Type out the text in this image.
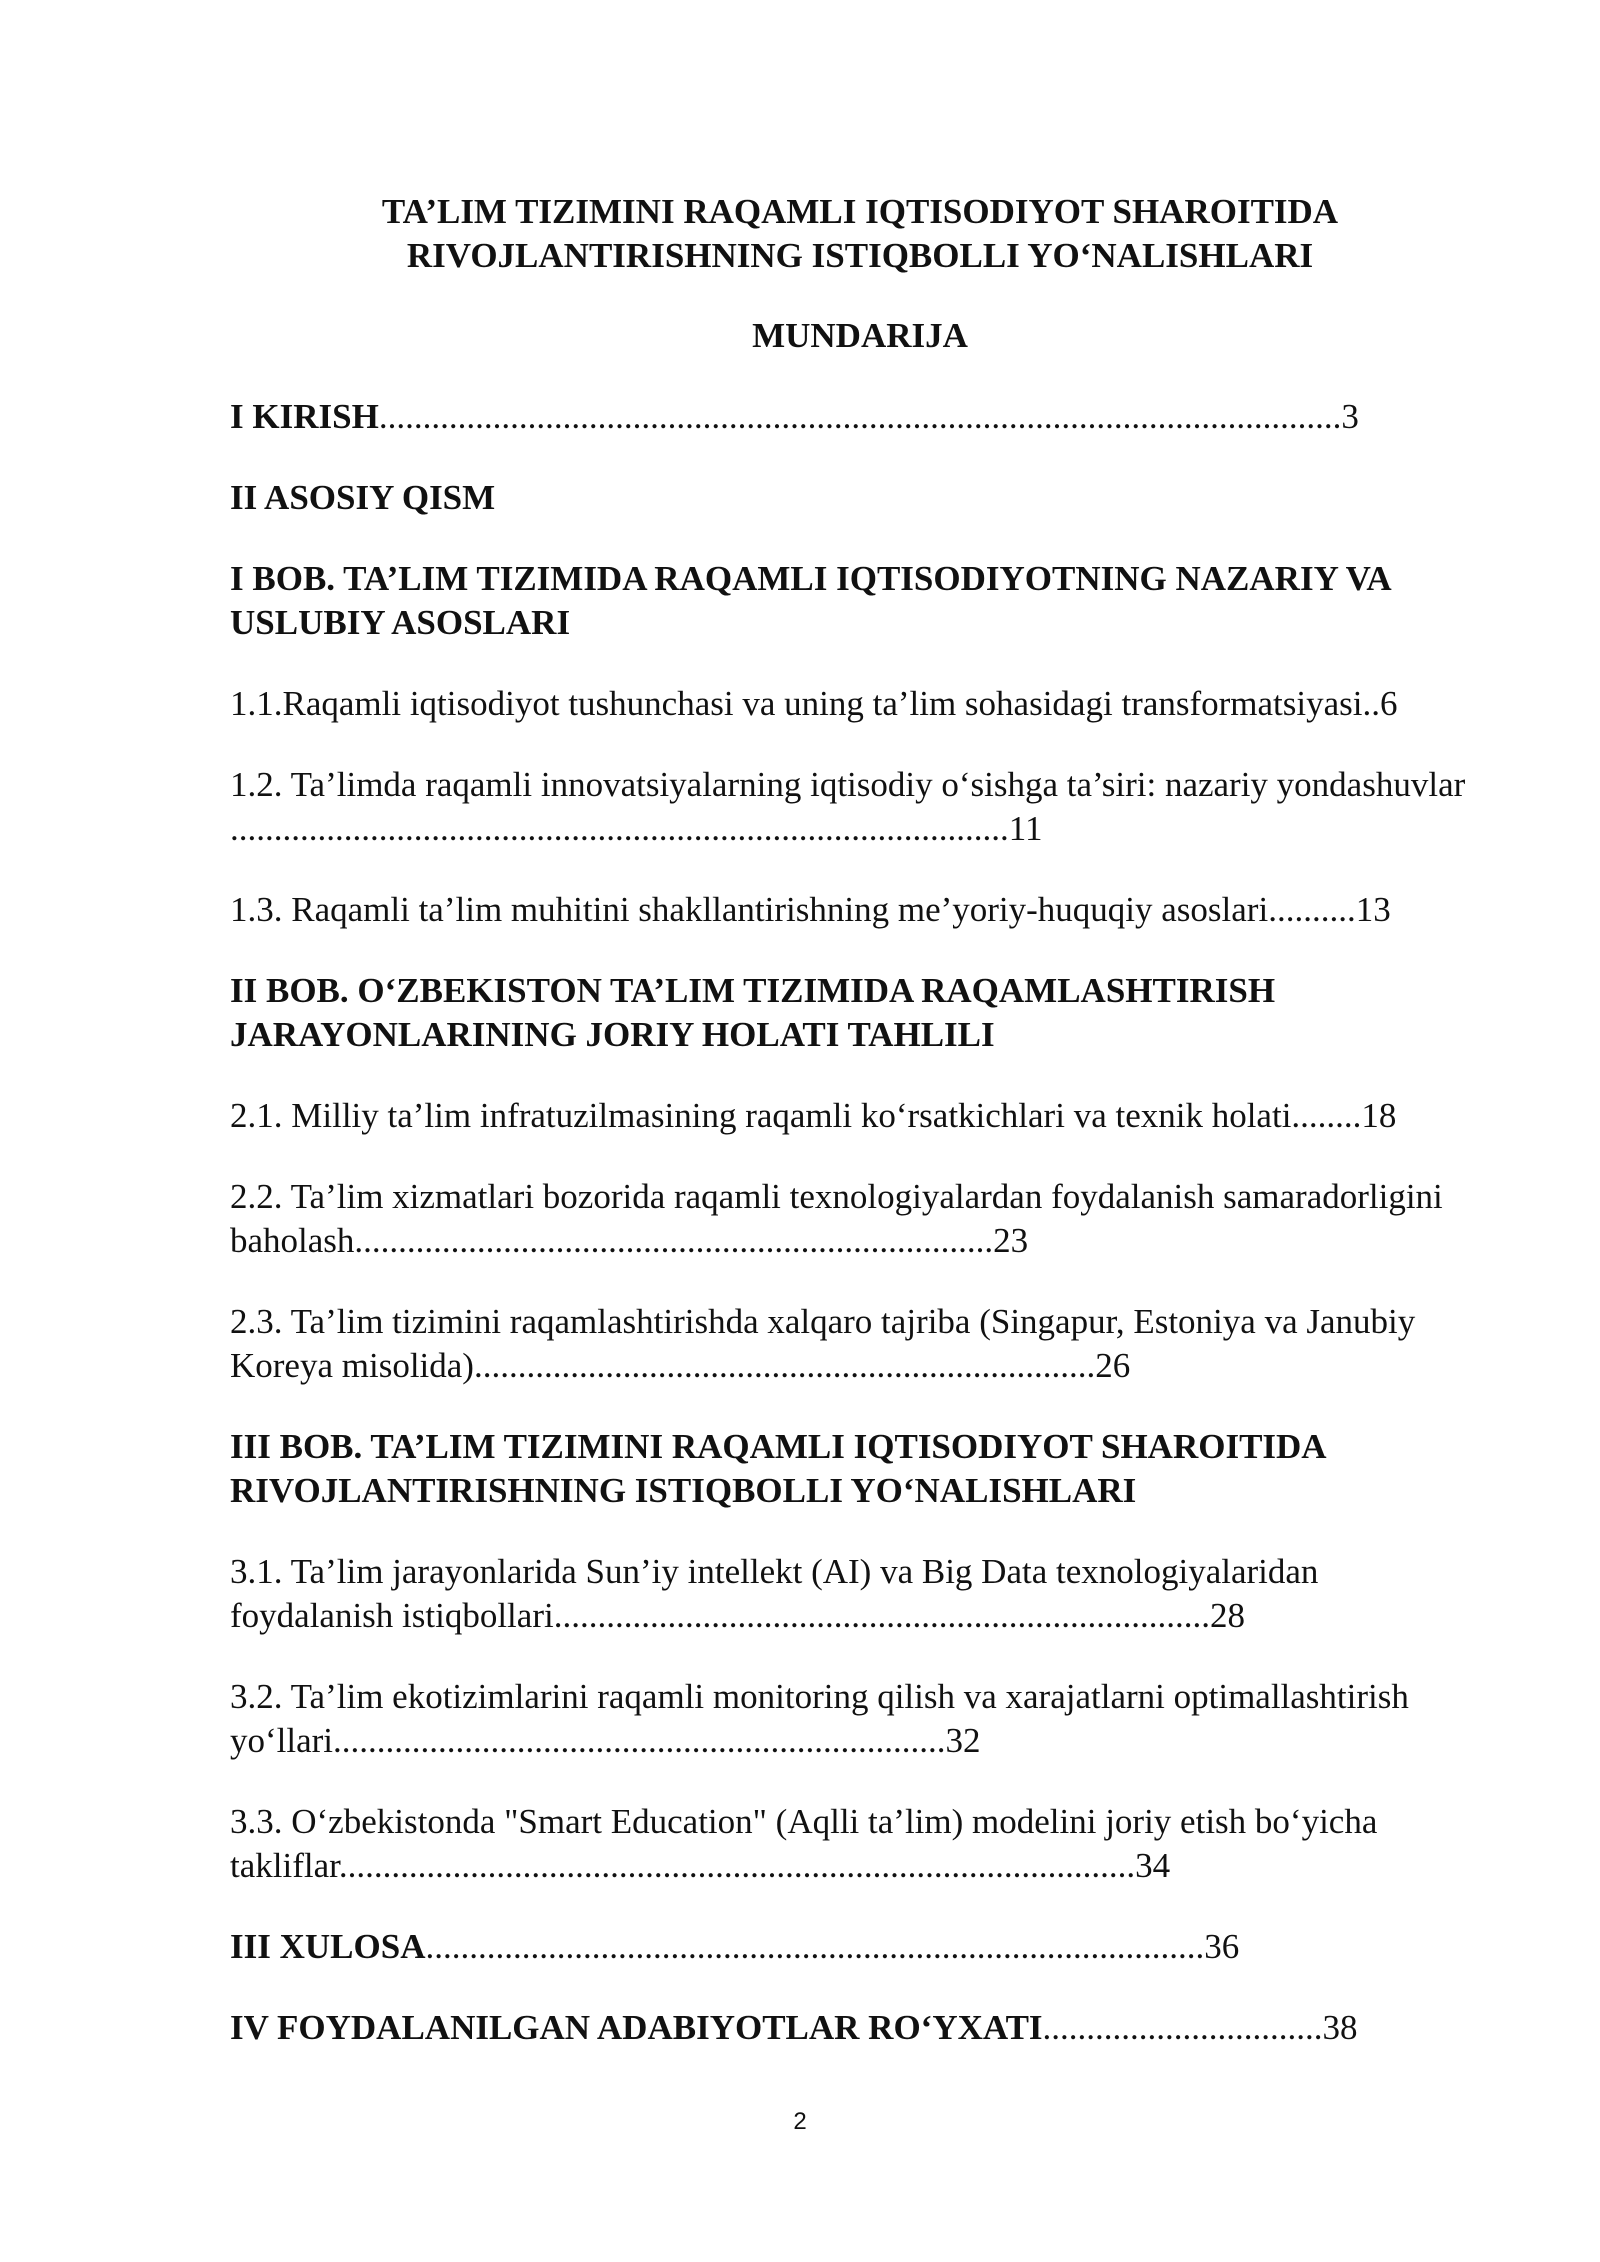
TA’LIM TIZIMINI RAQAMLI IQTISODIYOT SHAROITIDA
RIVOJLANTIRISHNING ISTIQBOLLI YO‘NALISHLARI
MUNDARIJA
I KIRISH..............................................................................................................3
II ASOSIY QISM
I BOB. TA’LIM TIZIMIDA RAQAMLI IQTISODIYOTNING NAZARIY VA USLUBIY ASOSLARI
1.1.Raqamli iqtisodiyot tushunchasi va uning ta’lim sohasidagi transformatsiyasi..6
1.2. Ta’limda raqamli innovatsiyalarning iqtisodiy o‘sishga ta’siri: nazariy yondashuvlar .........................................................................................11
1.3. Raqamli ta’lim muhitini shakllantirishning me’yoriy-huquqiy asoslari..........13
II BOB. O‘ZBEKISTON TA’LIM TIZIMIDA RAQAMLASHTIRISH JARAYONLARINING JORIY HOLATI TAHLILI
2.1. Milliy ta’lim infratuzilmasining raqamli ko‘rsatkichlari va texnik holati........18
2.2. Ta’lim xizmatlari bozorida raqamli texnologiyalardan foydalanish samaradorligini baholash.........................................................................23
2.3. Ta’lim tizimini raqamlashtirishda xalqaro tajriba (Singapur, Estoniya va Janubiy Koreya misolida).......................................................................26
III BOB. TA’LIM TIZIMINI RAQAMLI IQTISODIYOT SHAROITIDA RIVOJLANTIRISHNING ISTIQBOLLI YO‘NALISHLARI
3.1. Ta’lim jarayonlarida Sun’iy intellekt (AI) va Big Data texnologiyalaridan foydalanish istiqbollari...........................................................................28
3.2. Ta’lim ekotizimlarini raqamli monitoring qilish va xarajatlarni optimallashtirish yo‘llari......................................................................32
3.3. O‘zbekistonda "Smart Education" (Aqlli ta’lim) modelini joriy etish bo‘yicha takliflar...........................................................................................34
III XULOSA.........................................................................................36
IV FOYDALANILGAN ADABIYOTLAR RO‘YXATI................................38
2
